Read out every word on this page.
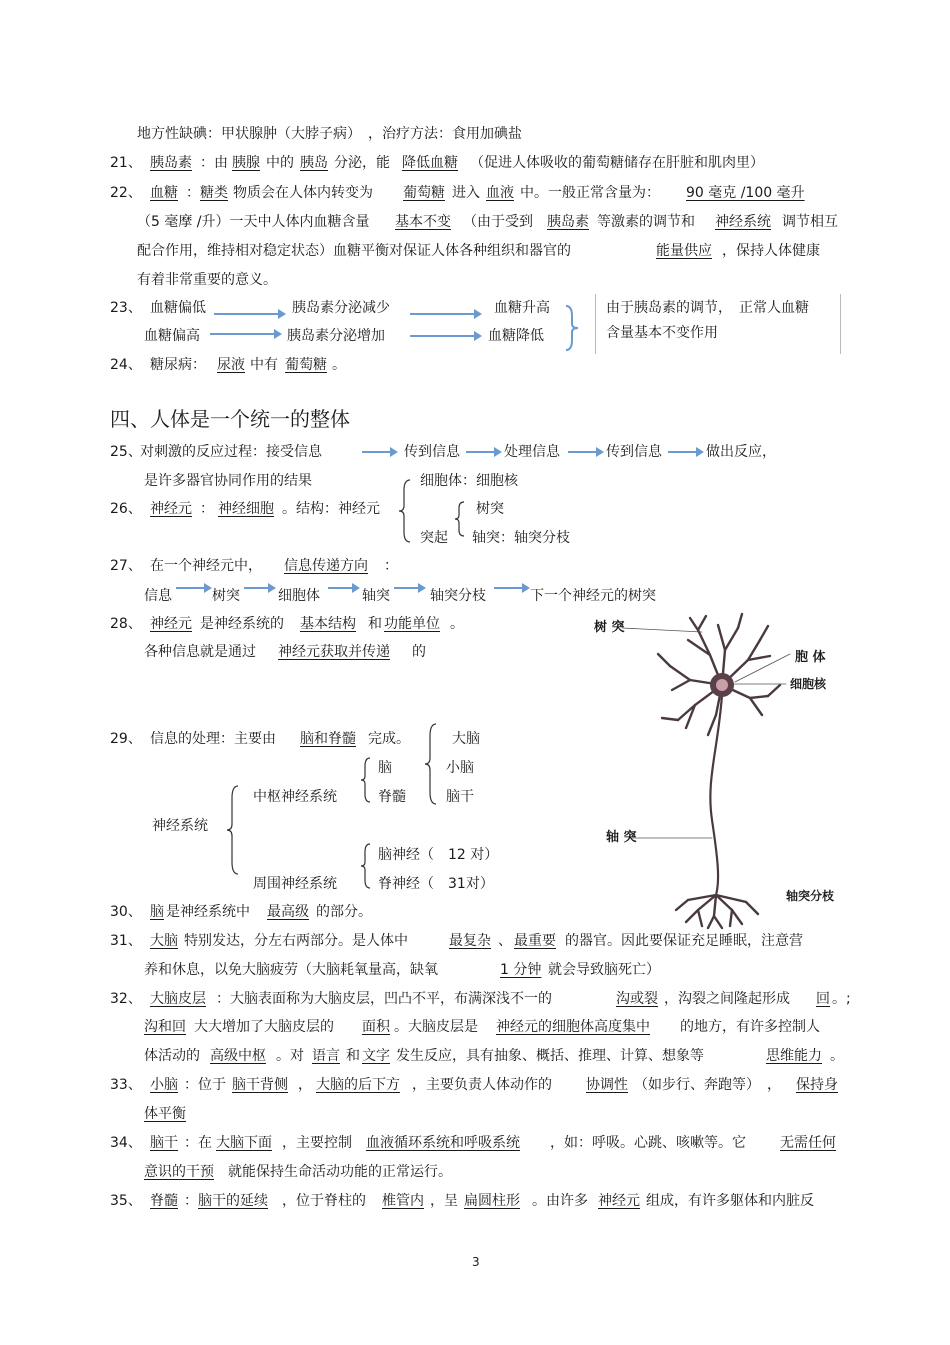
地方性缺碘：甲状腺肿（大脖子病）　，治疗方法：食用加碘盐
21、 胰岛素 ：由 胰腺 中的 胰岛 分泌，能 降低血糖 （促进人体吸收的葡萄糖储存在肝脏和肌肉里）
22、 血糖 ： 糖类 物质会在人体内转变为 葡萄糖 进入 血液 中。一般正常含量为： 90 毫克 /100 毫升
（5 毫摩 /升）一天中人体内血糖含量 基本不变 （由于受到 胰岛素 等激素的调节和 神经系统 调节相互
配合作用，维持相对稳定状态）血糖平衡对保证人体各种组织和器官的	能量供应 ，保持人体健康
有着非常重要的意义。
23、 血糖偏低	胰岛素分泌减少	血糖升高
血糖偏高	胰岛素分泌增加	血糖降低
由于胰岛素的调节，　正常人血糖
含量基本不变作用
24、 糖尿病： 尿液 中有 葡萄糖 。
四、人体是一个统一的整体
25、
对刺激的反应过程：接受信息	传到信息	处理信息	传到信息	做出反应，
是许多器官协同作用的结果	细胞体：细胞核
26、 神经元 ： 神经细胞 。结构：神经元	树突
突起 轴突：轴突分枝
27、 在一个神经元中， 信息传递方向 ：
信息	树突	细胞体	轴突	轴突分枝	下一个神经元的树突
28、 神经元 是神经系统的 基本结构 和 功能单位 。
各种信息就是通过 神经元获取并传递 的
树 突
胞 体
细胞核
轴 突
轴突分枝
29、 信息的处理：主要由 脑和脊髓 完成。	大脑
脑	小脑
中枢神经系统	脊髓	脑干
神经系统
脑神经（　12 对）
周围神经系统	脊神经（　31对）
30、 脑 是神经系统中 最高级 的部分。
31、 大脑 特别发达，分左右两部分。是人体中	最复杂 、 最重要 的器官。因此要保证充足睡眠，注意营
养和休息，以免大脑疲劳（大脑耗氧量高，缺氧	1 分钟 就会导致脑死亡）
32、 大脑皮层 ：大脑表面称为大脑皮层，凹凸不平，布满深浅不一的	沟或裂 ，沟裂之间隆起形成 回 。;
沟和回 大大增加了大脑皮层的 面积 。大脑皮层是 神经元的细胞体高度集中 的地方，有许多控制人
体活动的 高级中枢 。对 语言 和 文字 发生反应，具有抽象、概括、推理、计算、想象等	思维能力 。
33、 小脑 ：位于 脑干背侧 ， 大脑的后下方 ，主要负责人体动作的 协调性 （如步行、奔跑等）　， 保持身
体平衡
34、 脑干 ：在 大脑下面 ，主要控制 血液循环系统和呼吸系统 ，如：呼吸。心跳、咳嗽等。它 无需任何
意识的干预 就能保持生命活动功能的正常运行。
35、 脊髓 ： 脑干的延续 ，位于脊柱的 椎管内 ，呈 扁圆柱形 。由许多 神经元 组成，有许多躯体和内脏反
3
